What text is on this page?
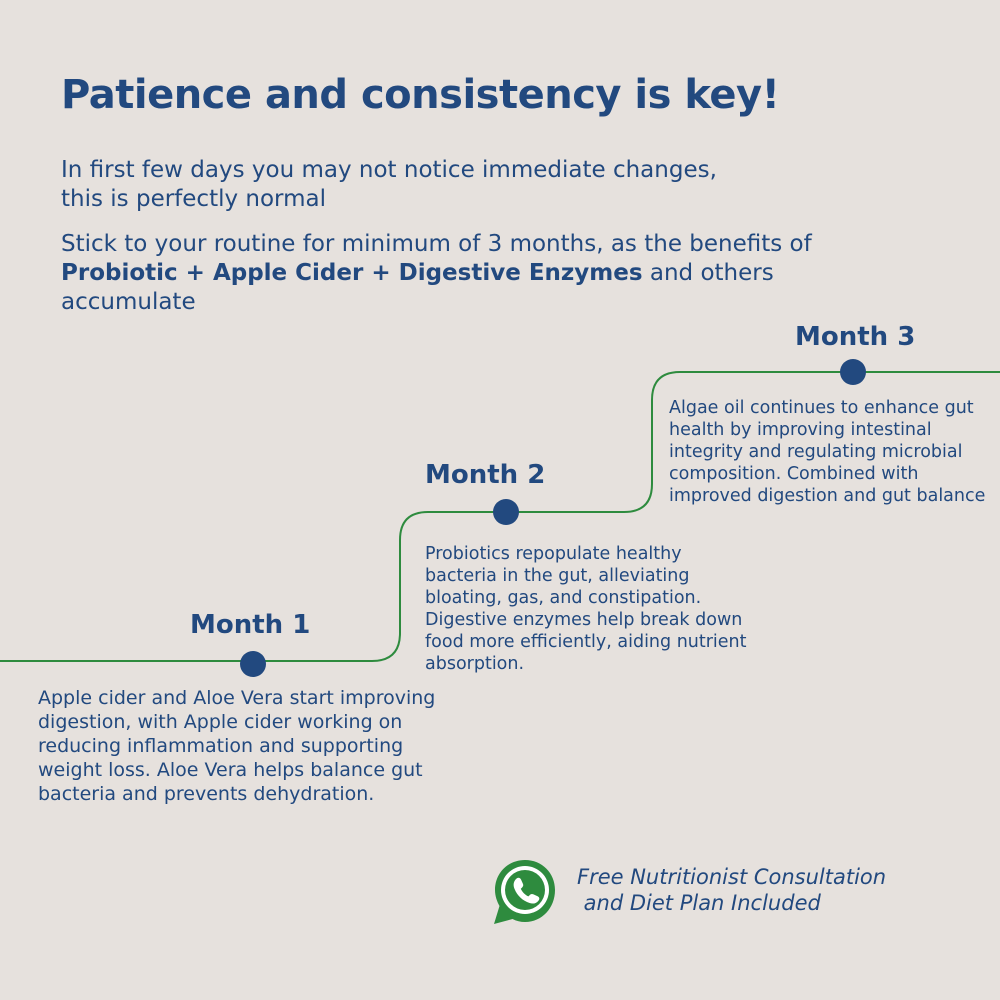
Patience and consistency is key!

In first few days you may not notice immediate changes,
this is perfectly normal

Stick to your routine for minimum of 3 months, as the benefits of Probiotic + Apple Cider + Digestive Enzymes and others accumulate

Month 1

Apple cider and Aloe Vera start improving digestion, with Apple cider working on reducing inflammation and supporting weight loss. Aloe Vera helps balance gut bacteria and prevents dehydration.

Month 2

Probiotics repopulate healthy bacteria in the gut, alleviating bloating, gas, and constipation. Digestive enzymes help break down food more efficiently, aiding nutrient absorption.

Month 3

Algae oil continues to enhance gut health by improving intestinal integrity and regulating microbial composition. Combined with improved digestion and gut balance

Free Nutritionist Consultation
and Diet Plan Included
